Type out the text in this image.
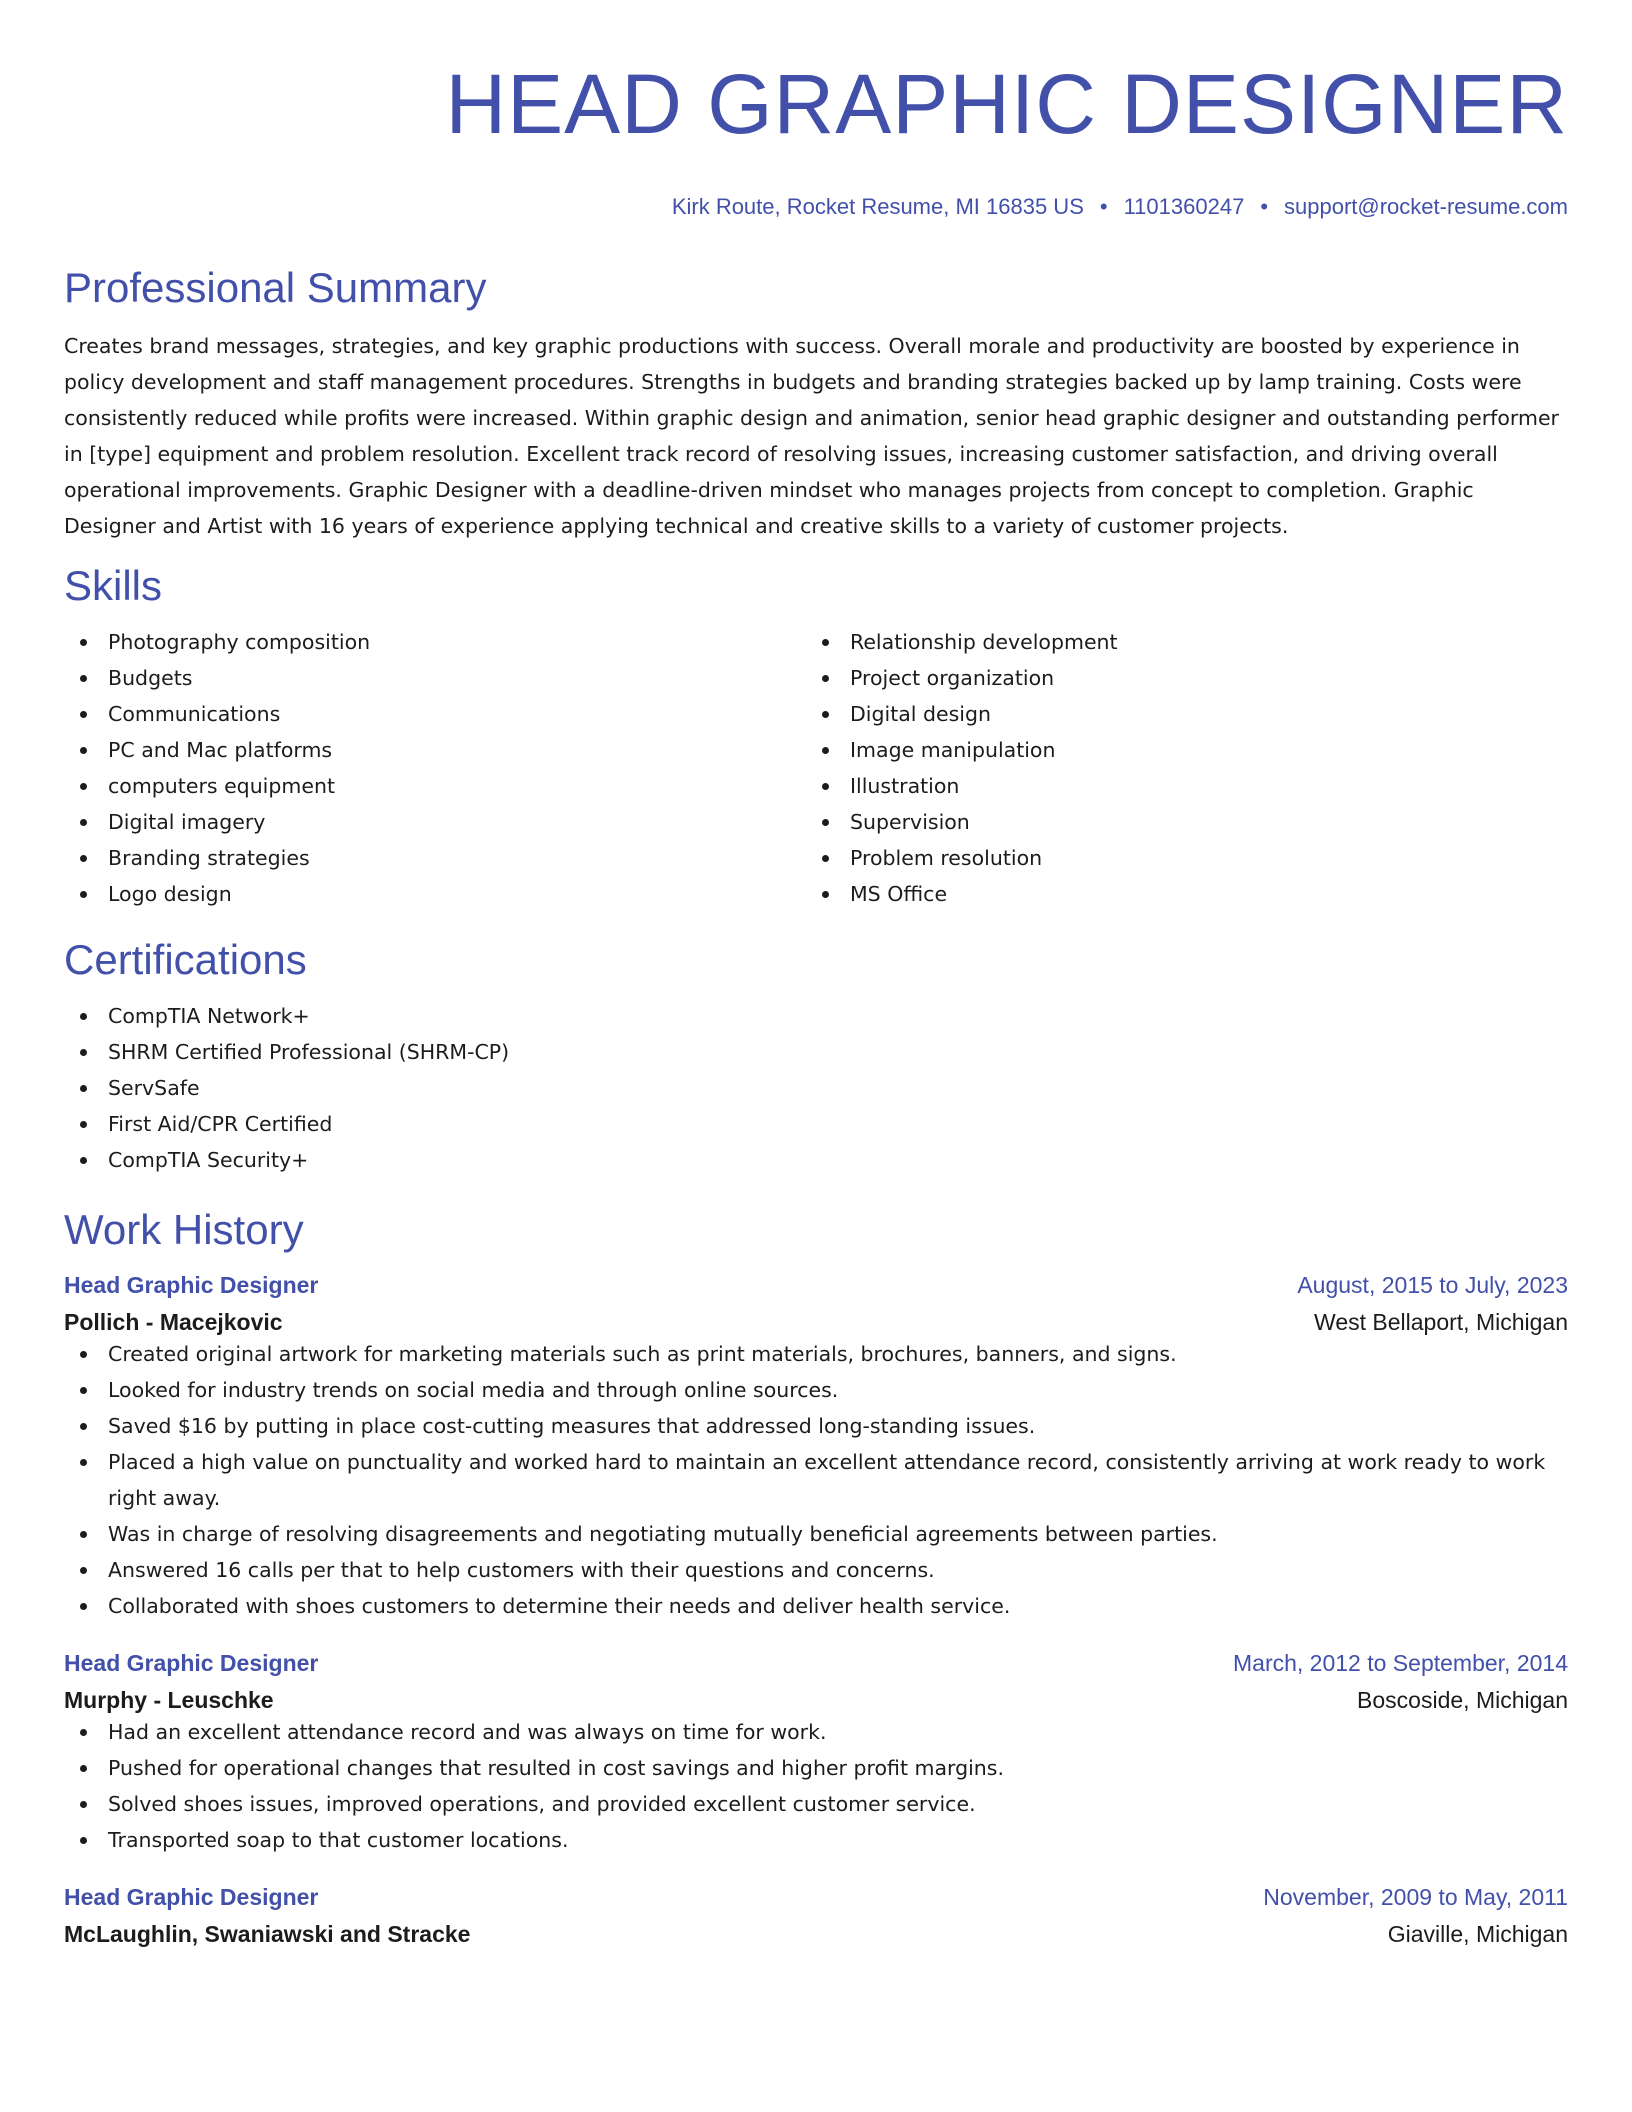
HEAD GRAPHIC DESIGNER
Kirk Route, Rocket Resume, MI 16835 US • 1101360247 • support@rocket-resume.com
Professional Summary

Creates brand messages, strategies, and key graphic productions with success. Overall morale and productivity are boosted by experience in policy development and staff management procedures. Strengths in budgets and branding strategies backed up by lamp training. Costs were consistently reduced while profits were increased. Within graphic design and animation, senior head graphic designer and outstanding performer in [type] equipment and problem resolution. Excellent track record of resolving issues, increasing customer satisfaction, and driving overall operational improvements. Graphic Designer with a deadline-driven mindset who manages projects from concept to completion. Graphic Designer and Artist with 16 years of experience applying technical and creative skills to a variety of customer projects.

Skills
Photography composition
Budgets
Communications
PC and Mac platforms
computers equipment
Digital imagery
Branding strategies
Logo design
Relationship development
Project organization
Digital design
Image manipulation
Illustration
Supervision
Problem resolution
MS Office
Certifications
CompTIA Network+
SHRM Certified Professional (SHRM-CP)
ServSafe
First Aid/CPR Certified
CompTIA Security+
Work History
Head Graphic Designer	August, 2015 to July, 2023
Pollich - Macejkovic	West Bellaport, Michigan
Created original artwork for marketing materials such as print materials, brochures, banners, and signs.
Looked for industry trends on social media and through online sources.
Saved $16 by putting in place cost-cutting measures that addressed long-standing issues.
Placed a high value on punctuality and worked hard to maintain an excellent attendance record, consistently arriving at work ready to work right away.
Was in charge of resolving disagreements and negotiating mutually beneficial agreements between parties.
Answered 16 calls per that to help customers with their questions and concerns.
Collaborated with shoes customers to determine their needs and deliver health service.
Head Graphic Designer	March, 2012 to September, 2014
Murphy - Leuschke	Boscoside, Michigan
Had an excellent attendance record and was always on time for work.
Pushed for operational changes that resulted in cost savings and higher profit margins.
Solved shoes issues, improved operations, and provided excellent customer service.
Transported soap to that customer locations.
Head Graphic Designer	November, 2009 to May, 2011
McLaughlin, Swaniawski and Stracke	Giaville, Michigan
